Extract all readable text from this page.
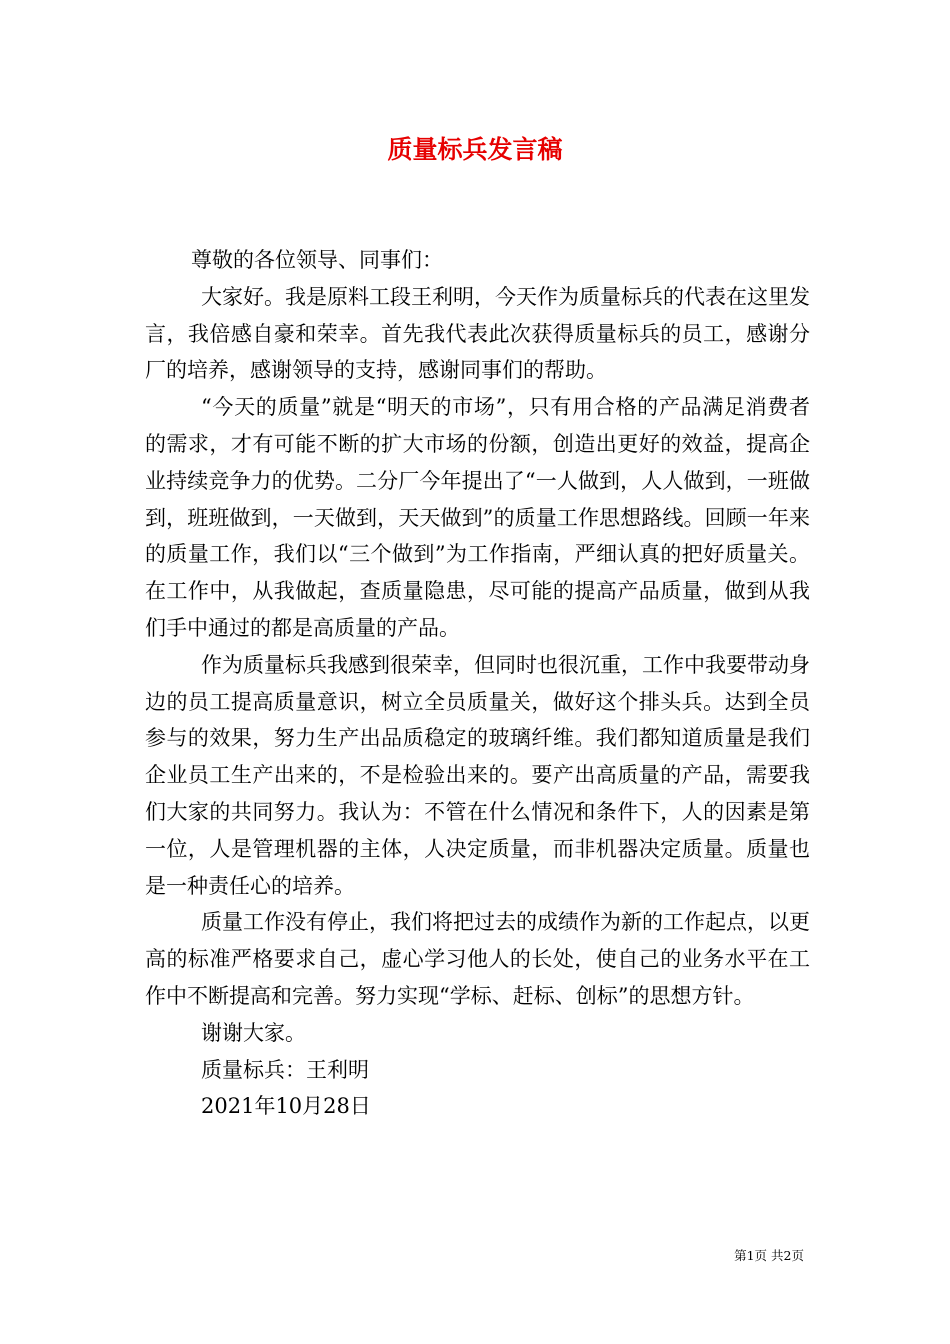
质量标兵发言稿

尊敬的各位领导、同事们：

大家好。我是原料工段王利明，今天作为质量标兵的代表在这里发言，我倍感自豪和荣幸。首先我代表此次获得质量标兵的员工，感谢分厂的培养，感谢领导的支持，感谢同事们的帮助。

“今天的质量”就是“明天的市场”，只有用合格的产品满足消费者的需求，才有可能不断的扩大市场的份额，创造出更好的效益，提高企业持续竞争力的优势。二分厂今年提出了“一人做到，人人做到，一班做到，班班做到，一天做到，天天做到”的质量工作思想路线。回顾一年来的质量工作，我们以“三个做到”为工作指南，严细认真的把好质量关。在工作中，从我做起，查质量隐患，尽可能的提高产品质量，做到从我们手中通过的都是高质量的产品。

作为质量标兵我感到很荣幸，但同时也很沉重，工作中我要带动身边的员工提高质量意识，树立全员质量关，做好这个排头兵。达到全员参与的效果，努力生产出品质稳定的玻璃纤维。我们都知道质量是我们企业员工生产出来的，不是检验出来的。要产出高质量的产品，需要我们大家的共同努力。我认为：不管在什么情况和条件下，人的因素是第一位，人是管理机器的主体，人决定质量，而非机器决定质量。质量也是一种责任心的培养。

质量工作没有停止，我们将把过去的成绩作为新的工作起点，以更高的标准严格要求自己，虚心学习他人的长处，使自己的业务水平在工作中不断提高和完善。努力实现“学标、赶标、创标”的思想方针。

谢谢大家。

质量标兵：王利明

2021年10月28日

第1页 共2页
